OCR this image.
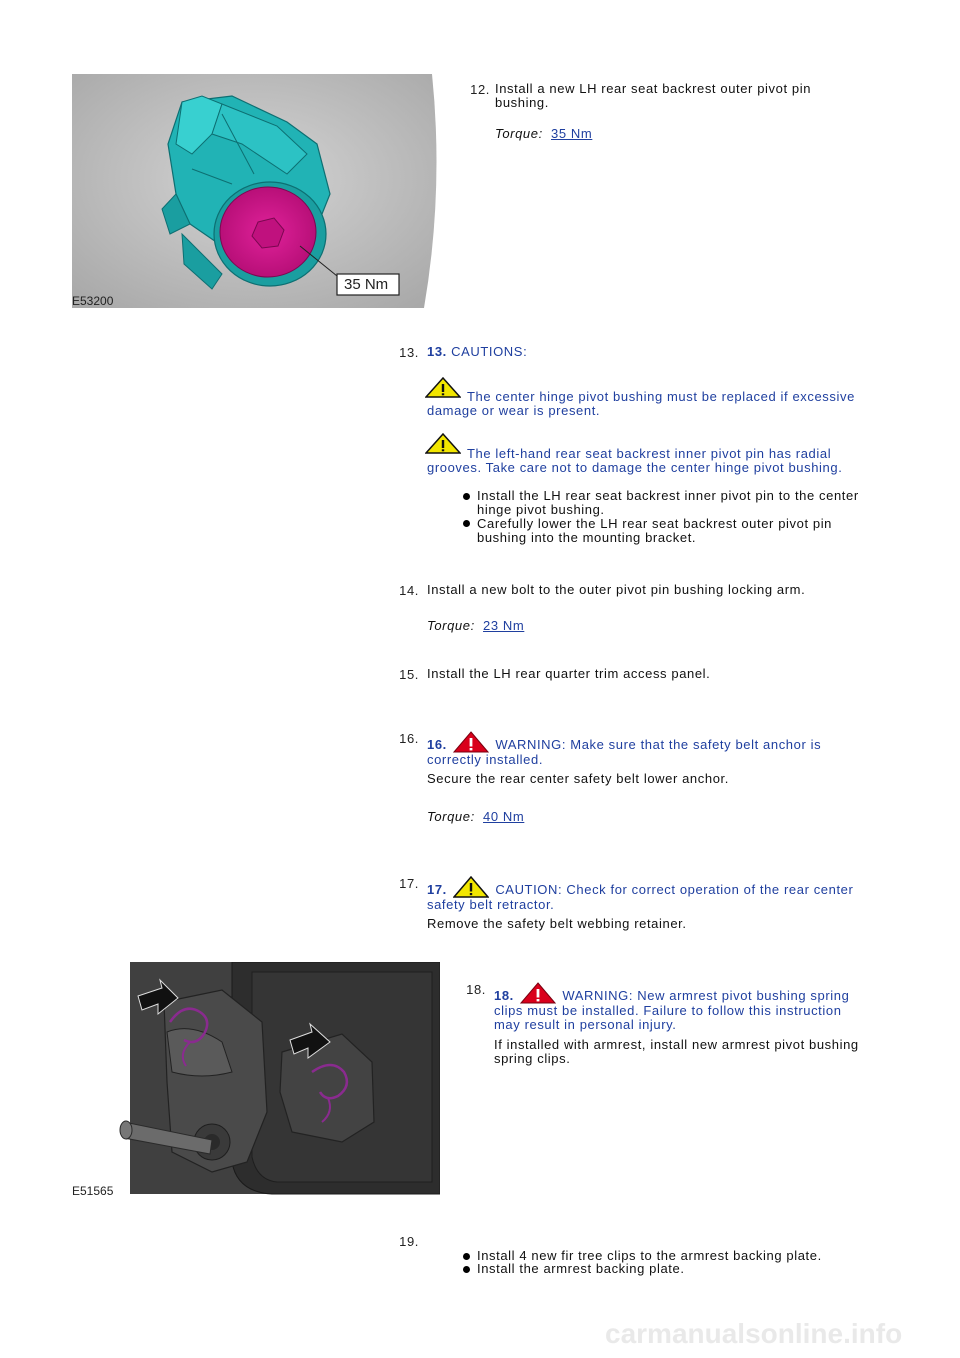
35 Nm
E53200
12. Install a new LH rear seat backrest outer pivot pin
bushing.
Torque: 35 Nm
13. 13. CAUTIONS:
The center hinge pivot bushing must be replaced if excessive
damage or wear is present.
The left-hand rear seat backrest inner pivot pin has radial
grooves. Take care not to damage the center hinge pivot bushing.
Install the LH rear seat backrest inner pivot pin to the center
hinge pivot bushing.
Carefully lower the LH rear seat backrest outer pivot pin
bushing into the mounting bracket.
14. Install a new bolt to the outer pivot pin bushing locking arm.
Torque: 23 Nm
15. Install the LH rear quarter trim access panel.
16. 16.	WARNING: Make sure that the safety belt anchor is
correctly installed.
Secure the rear center safety belt lower anchor.
Torque: 40 Nm
17. 17.	CAUTION: Check for correct operation of the rear center
safety belt retractor.
Remove the safety belt webbing retainer.
E51565
18. 18.	WARNING: New armrest pivot bushing spring
clips must be installed. Failure to follow this instruction
may result in personal injury.
If installed with armrest, install new armrest pivot bushing
spring clips.
19.
Install 4 new fir tree clips to the armrest backing plate.
Install the armrest backing plate.
carmanualsonline.info
